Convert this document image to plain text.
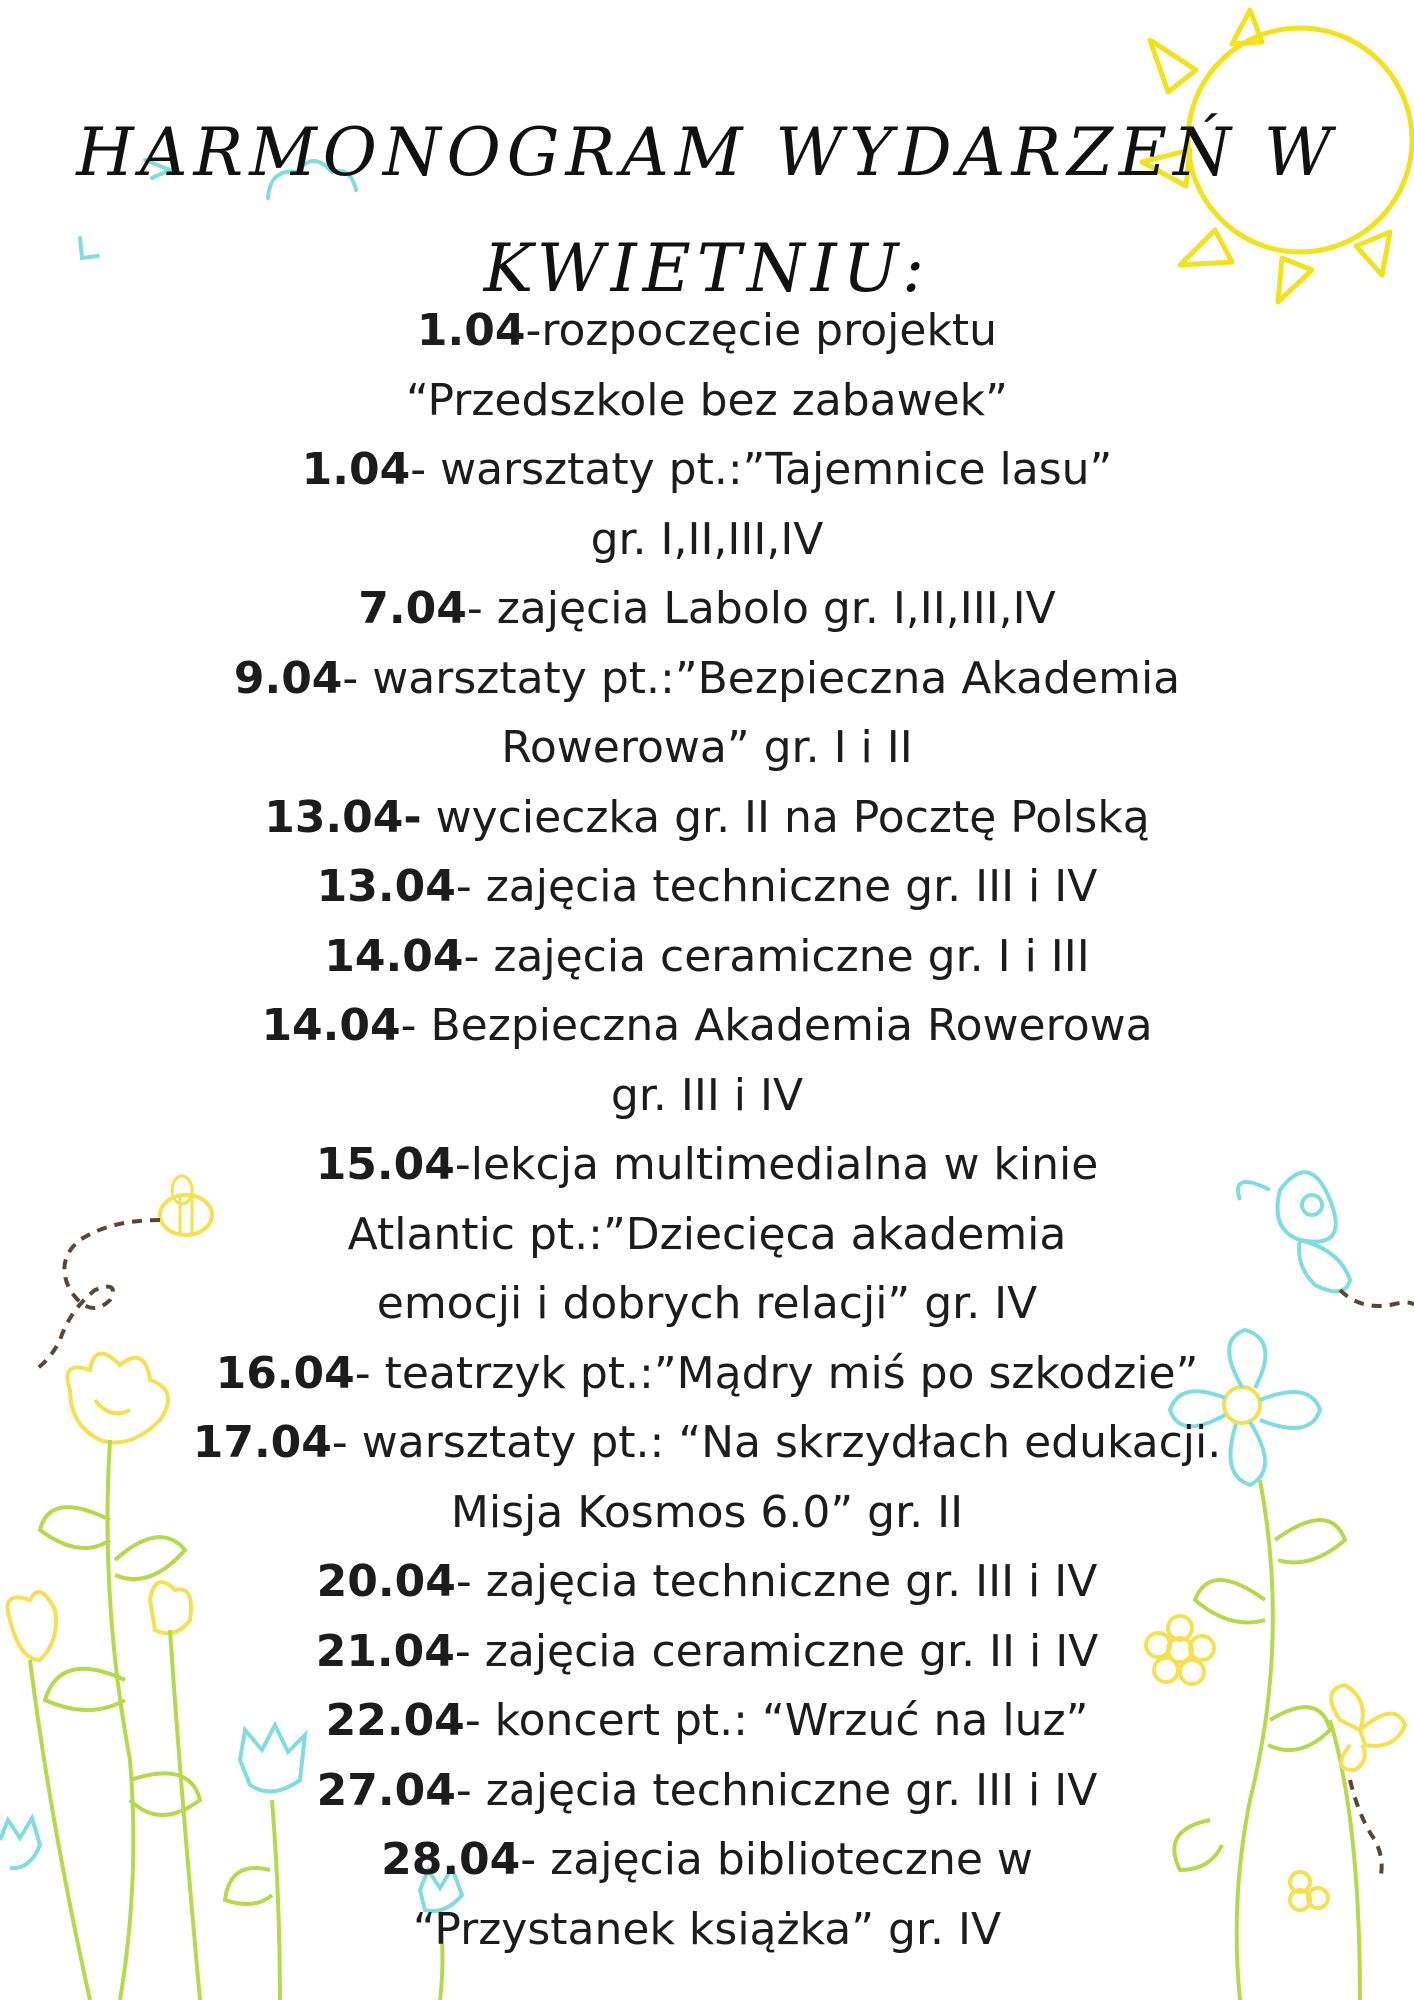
HARMONOGRAM WYDARZEŃ W
KWIETNIU:
1.04-rozpoczęcie projektu
“Przedszkole bez zabawek”
1.04- warsztaty pt.:”Tajemnice lasu”
gr. I,II,III,IV
7.04- zajęcia Labolo gr. I,II,III,IV
9.04- warsztaty pt.:”Bezpieczna Akademia
Rowerowa” gr. I i II
13.04- wycieczka gr. II na Pocztę Polską
13.04- zajęcia techniczne gr. III i IV
14.04- zajęcia ceramiczne gr. I i III
14.04- Bezpieczna Akademia Rowerowa
gr. III i IV
15.04-lekcja multimedialna w kinie
Atlantic pt.:”Dziecięca akademia
emocji i dobrych relacji” gr. IV
16.04- teatrzyk pt.:”Mądry miś po szkodzie”
17.04- warsztaty pt.: “Na skrzydłach edukacji.
Misja Kosmos 6.0” gr. II
20.04- zajęcia techniczne gr. III i IV
21.04- zajęcia ceramiczne gr. II i IV
22.04- koncert pt.: “Wrzuć na luz”
27.04- zajęcia techniczne gr. III i IV
28.04- zajęcia biblioteczne w
“Przystanek książka” gr. IV
